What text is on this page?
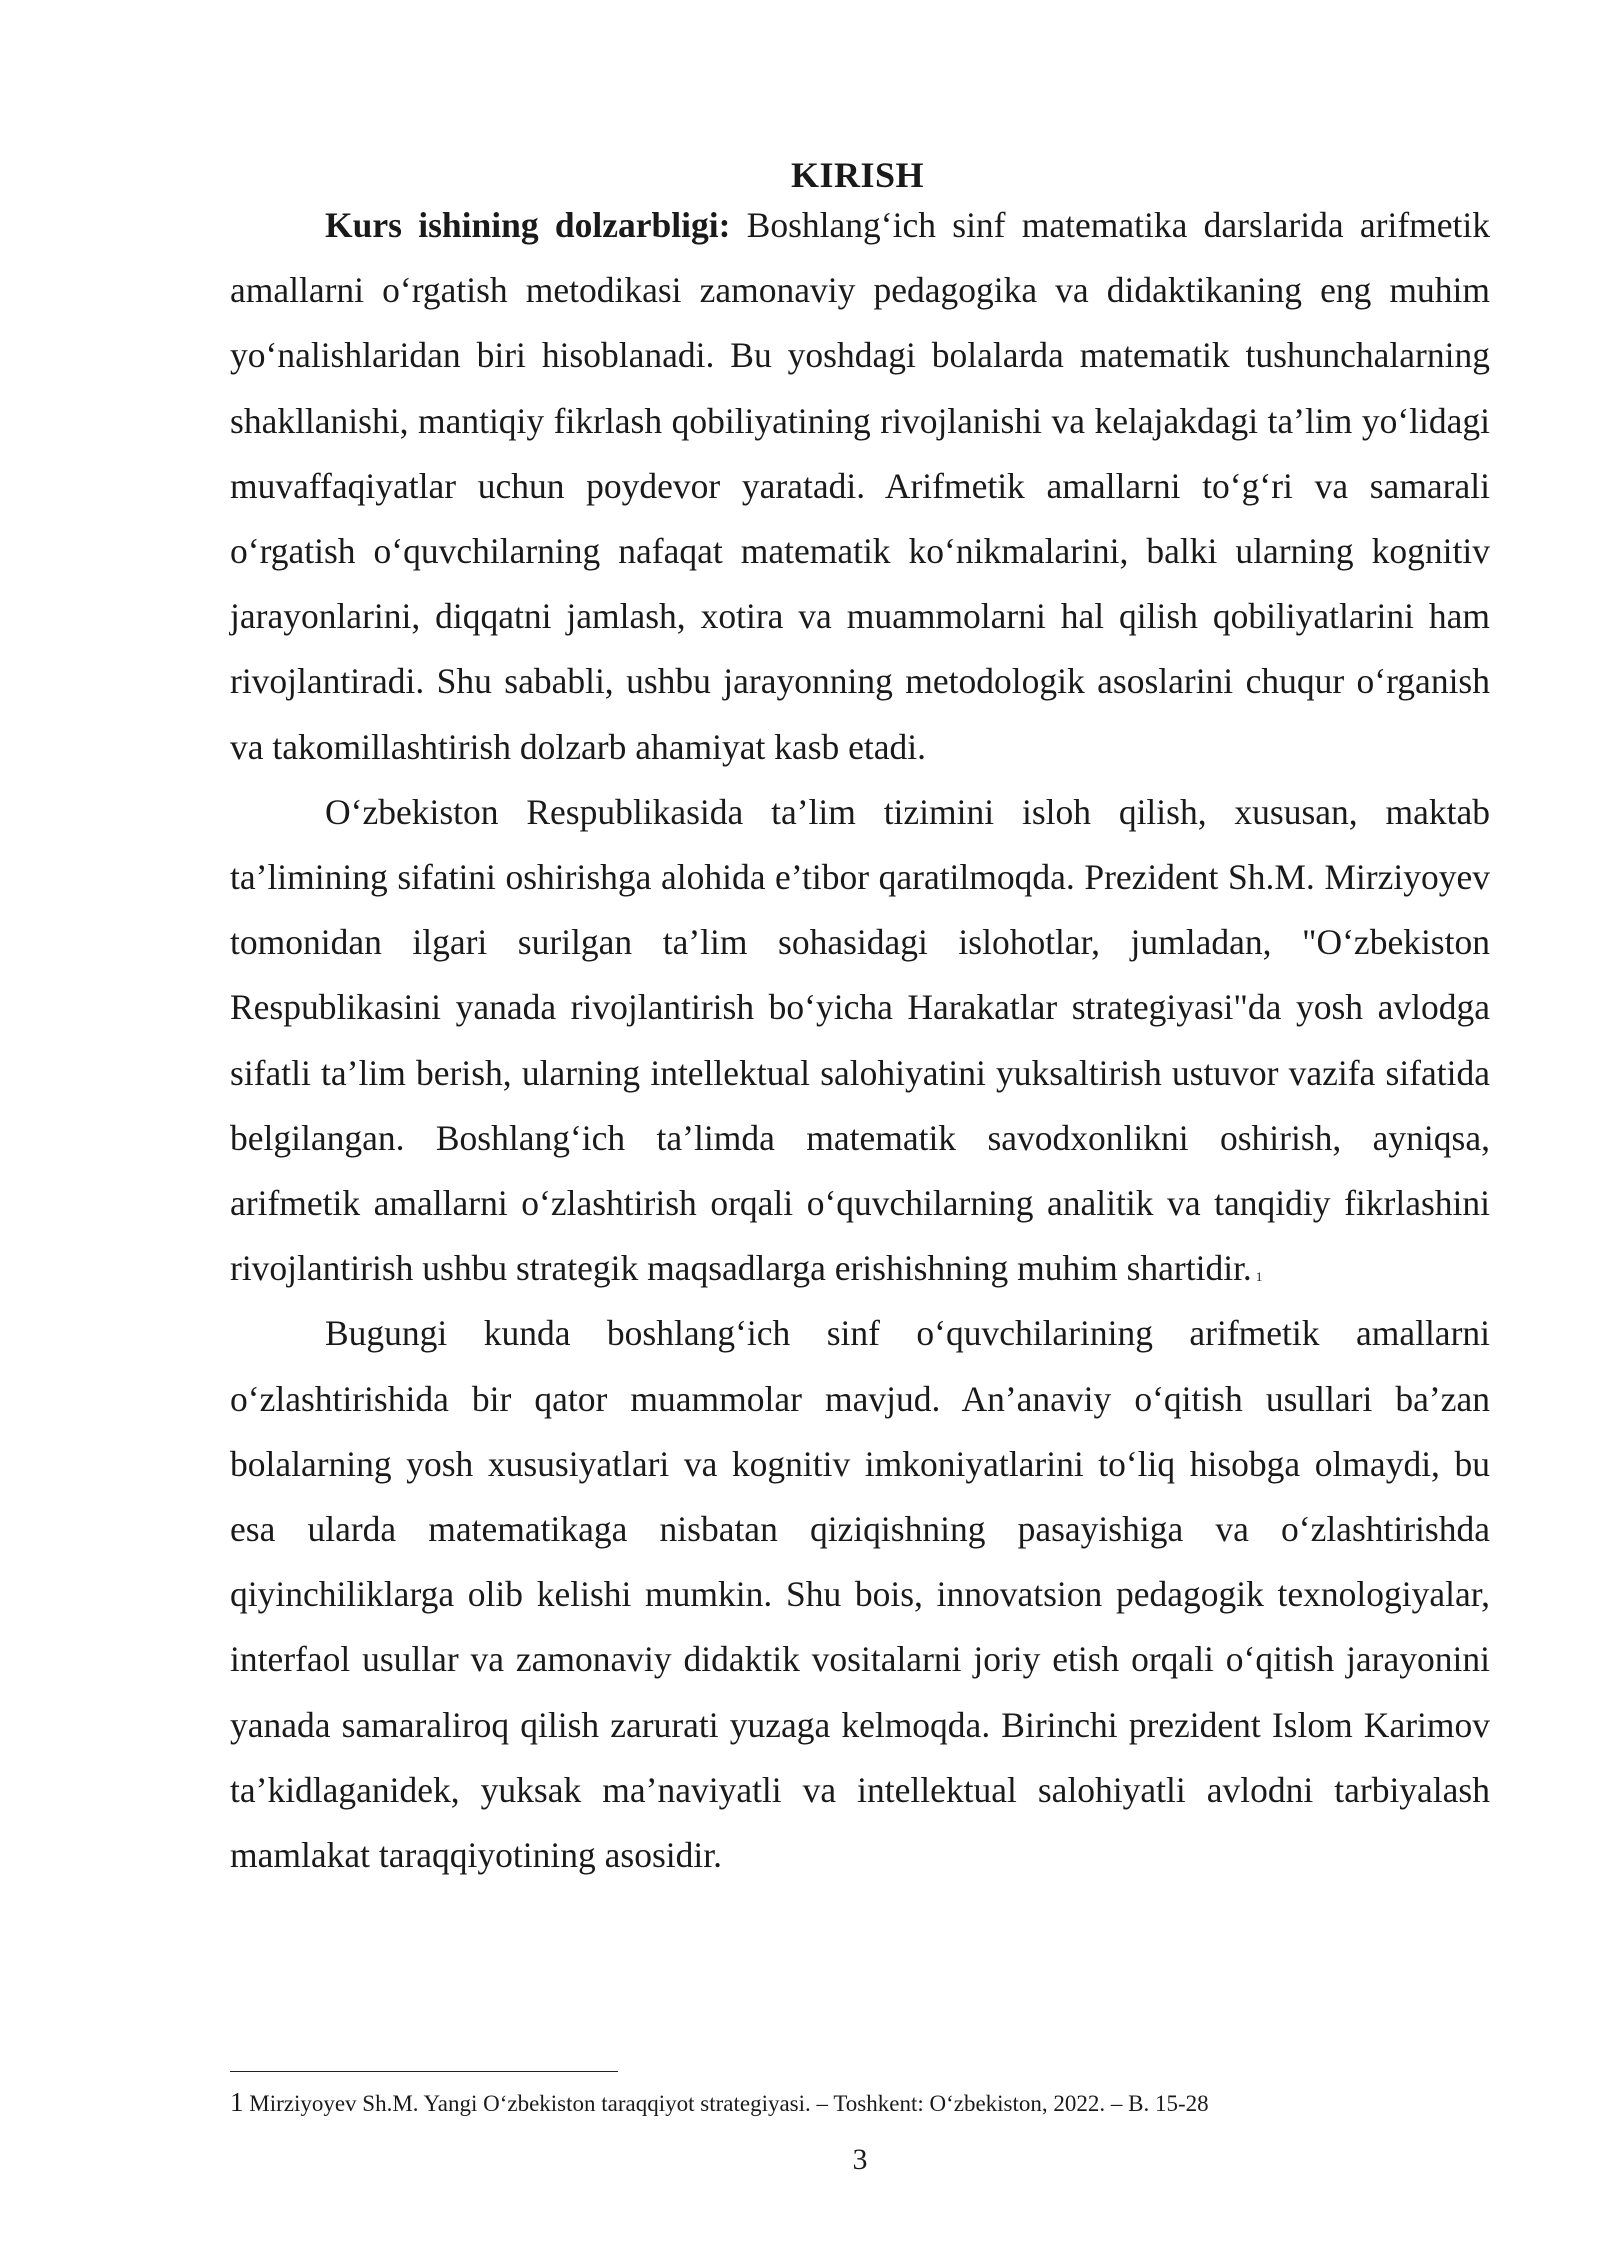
KIRISH

Kurs ishining dolzarbligi: Boshlang‘ich sinf matematika darslarida arifmetik amallarni o‘rgatish metodikasi zamonaviy pedagogika va didaktikaning eng muhim yo‘nalishlaridan biri hisoblanadi. Bu yoshdagi bolalarda matematik tushunchalarning shakllanishi, mantiqiy fikrlash qobiliyatining rivojlanishi va kelajakdagi ta’lim yo‘lidagi muvaffaqiyatlar uchun poydevor yaratadi. Arifmetik amallarni to‘g‘ri va samarali o‘rgatish o‘quvchilarning nafaqat matematik ko‘nikmalarini, balki ularning kognitiv jarayonlarini, diqqatni jamlash, xotira va muammolarni hal qilish qobiliyatlarini ham rivojlantiradi. Shu sababli, ushbu jarayonning metodologik asoslarini chuqur o‘rganish va takomillashtirish dolzarb ahamiyat kasb etadi.

O‘zbekiston Respublikasida ta’lim tizimini isloh qilish, xususan, maktab ta’limining sifatini oshirishga alohida e’tibor qaratilmoqda. Prezident Sh.M. Mirziyoyev tomonidan ilgari surilgan ta’lim sohasidagi islohotlar, jumladan, "O‘zbekiston Respublikasini yanada rivojlantirish bo‘yicha Harakatlar strategiyasi"da yosh avlodga sifatli ta’lim berish, ularning intellektual salohiyatini yuksaltirish ustuvor vazifa sifatida belgilangan. Boshlang‘ich ta’limda matematik savodxonlikni oshirish, ayniqsa, arifmetik amallarni o‘zlashtirish orqali o‘quvchilarning analitik va tanqidiy fikrlashini rivojlantirish ushbu strategik maqsadlarga erishishning muhim shartidir. $^1$

Bugungi kunda boshlang‘ich sinf o‘quvchilarining arifmetik amallarni o‘zlashtirishida bir qator muammolar mavjud. An’anaviy o‘qitish usullari ba’zan bolalarning yosh xususiyatlari va kognitiv imkoniyatlarini to‘liq hisobga olmaydi, bu esa ularda matematikaga nisbatan qiziqishning pasayishiga va o‘zlashtirishda qiyinchiliklarga olib kelishi mumkin. Shu bois, innovatsion pedagogik texnologiyalar, interfaol usullar va zamonaviy didaktik vositalarni joriy etish orqali o‘qitish jarayonini yanada samaraliroq qilish zarurati yuzaga kelmoqda. Birinchi prezident Islom Karimov ta’kidlaganidek, yuksak ma’naviyatli va intellektual salohiyatli avlodni tarbiyalash mamlakat taraqqiyotining asosidir.

1 Mirziyoyev Sh.M. Yangi O‘zbekiston taraqqiyot strategiyasi. – Toshkent: O‘zbekiston, 2022. – B. 15-28
3
